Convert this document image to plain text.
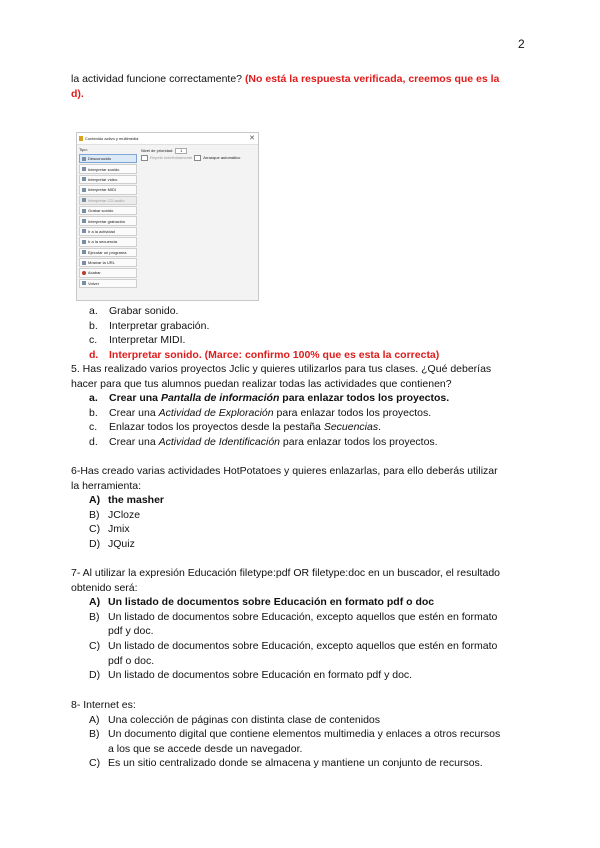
2
la actividad funcione correctamente? (No está la respuesta verificada, creemos que es la
d).
Contenido activo y multimedia	✕
Tipo:
Desconocido
Interpretar sonido
Interpretar vídeo
Interpretar MIDI
Interpretar CD-audio
Grabar sonido
Interpretar grabación
Ir a la actividad
Ir a la secuencia
Ejecutar un programa
Mostrar la URL
Acabar
Volver
Nivel de prioridad:	1
Repetir indefinidamente	Arranque automático
a. Grabar sonido.
b. Interpretar grabación.
c. Interpretar MIDI.
d. Interpretar sonido. (Marce: confirmo 100% que es esta la correcta)
5. Has realizado varios proyectos Jclic y quieres utilizarlos para tus clases. ¿Qué deberías
hacer para que tus alumnos puedan realizar todas las actividades que contienen?
a. Crear una Pantalla de información para enlazar todos los proyectos.
b. Crear una Actividad de Exploración para enlazar todos los proyectos.
c. Enlazar todos los proyectos desde la pestaña Secuencias.
d. Crear una Actividad de Identificación para enlazar todos los proyectos.
6-Has creado varias actividades HotPotatoes y quieres enlazarlas, para ello deberás utilizar
la herramienta:
A) the masher
B) JCloze
C) Jmix
D) JQuiz
7- Al utilizar la expresión Educación filetype:pdf OR filetype:doc en un buscador, el resultado
obtenido será:
A) Un listado de documentos sobre Educación en formato pdf o doc
B) Un listado de documentos sobre Educación, excepto aquellos que estén en formato
pdf y doc.
C) Un listado de documentos sobre Educación, excepto aquellos que estén en formato
pdf o doc.
D) Un listado de documentos sobre Educación en formato pdf y doc.
8- Internet es:
A) Una colección de páginas con distinta clase de contenidos
B) Un documento digital que contiene elementos multimedia y enlaces a otros recursos
a los que se accede desde un navegador.
C) Es un sitio centralizado donde se almacena y mantiene un conjunto de recursos.
